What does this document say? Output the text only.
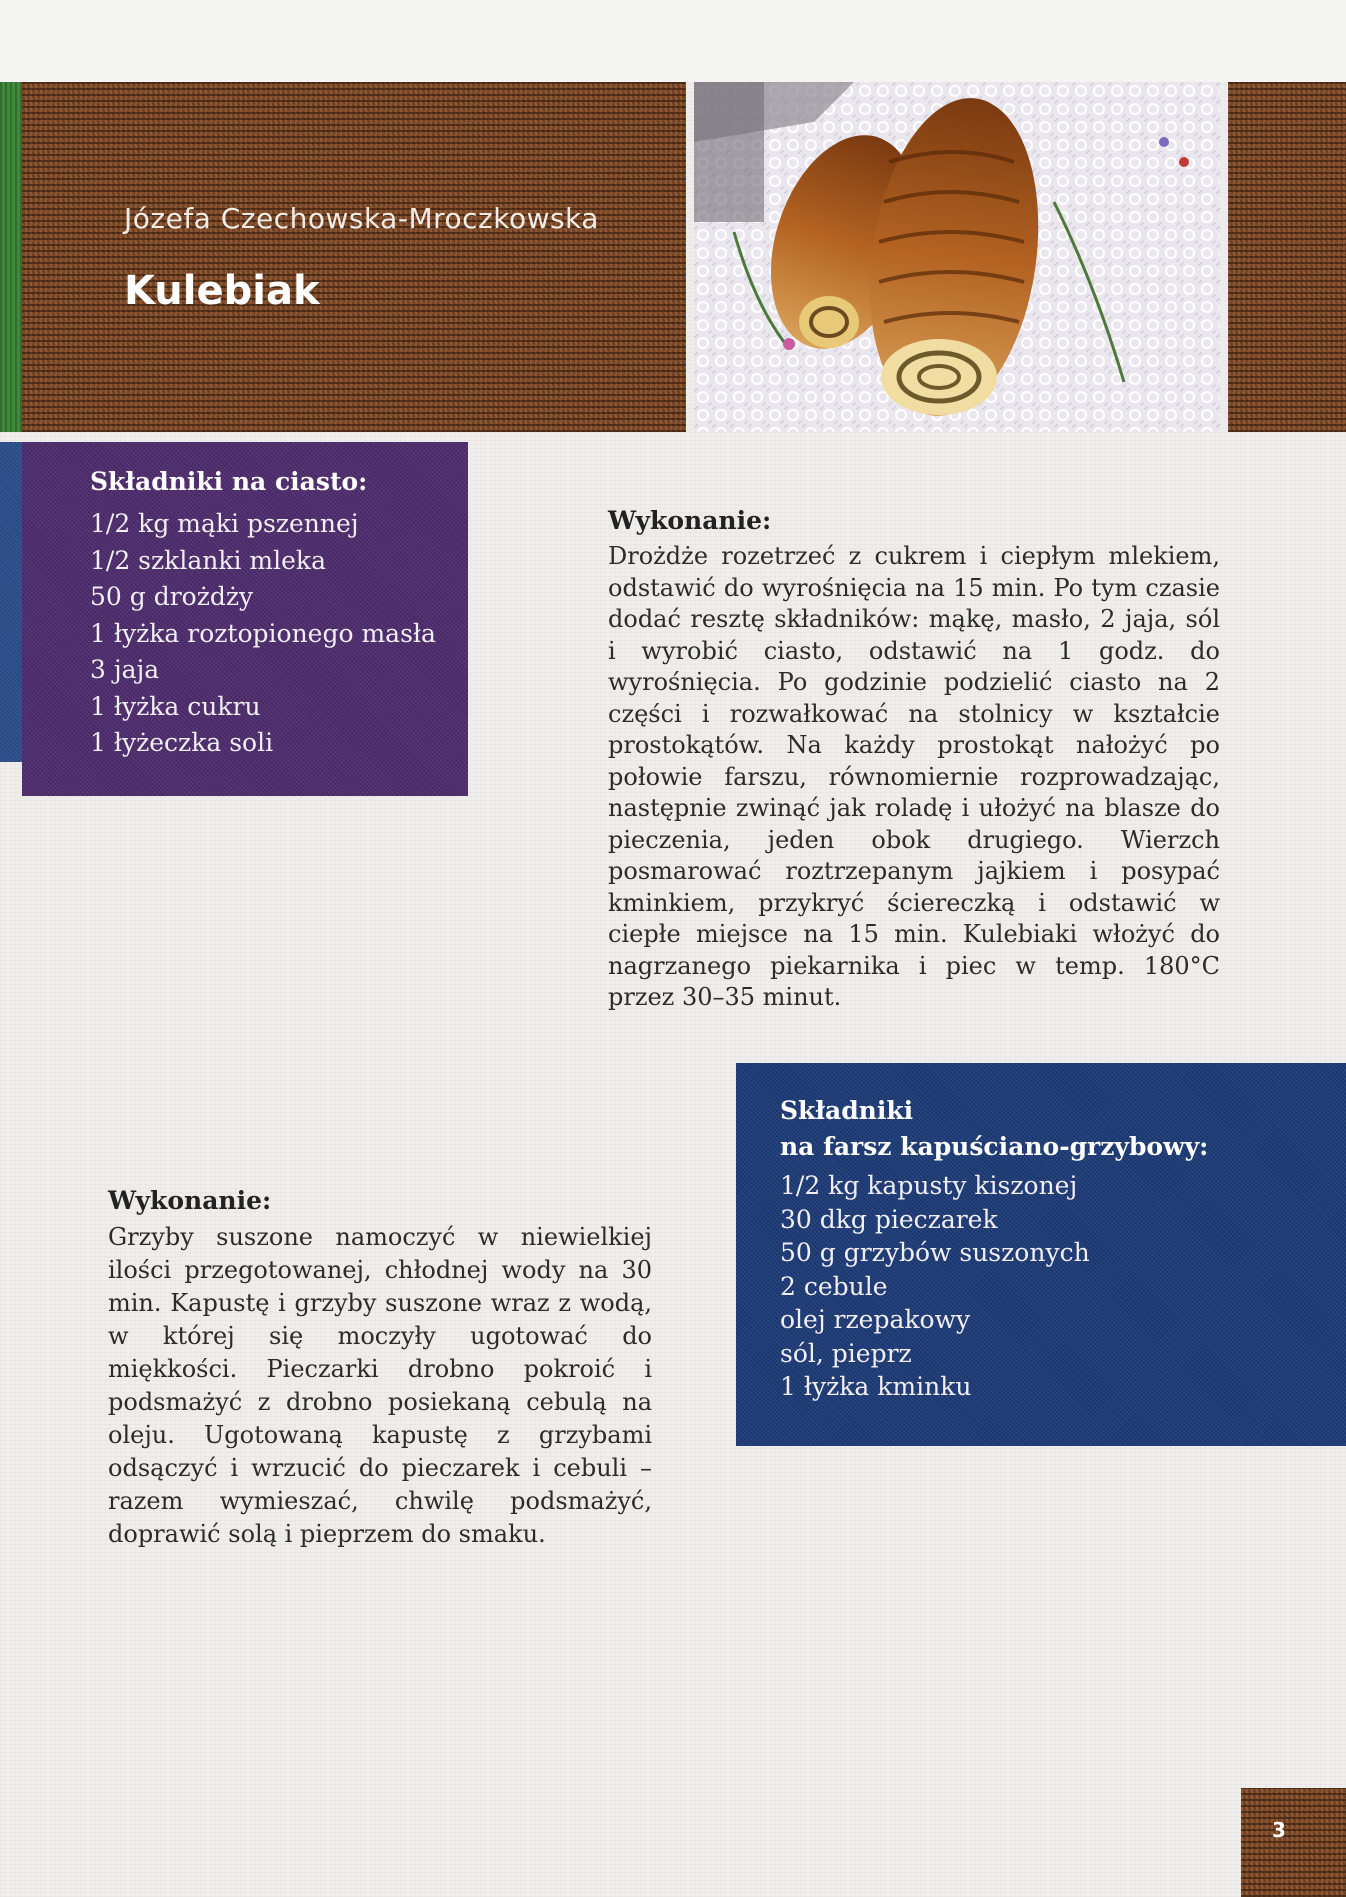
Józefa Czechowska-Mroczkowska
Kulebiak
Składniki na ciasto:
1/2 kg mąki pszennej
1/2 szklanki mleka
50 g drożdży
1 łyżka roztopionego masła
3 jaja
1 łyżka cukru
1 łyżeczka soli
Wykonanie:

Drożdże rozetrzeć z cukrem i ciepłym mlekiem, odstawić do wyrośnięcia na 15 min. Po tym czasie dodać resztę składników: mąkę, masło, 2 jaja, sól i wyrobić ciasto, odstawić na 1 godz. do wyrośnięcia. Po godzinie podzielić ciasto na 2 części i rozwałkować na stolnicy w kształcie prostokątów. Na każdy prostokąt nałożyć po połowie farszu, równomiernie rozprowadzając, następnie zwinąć jak roladę i ułożyć na blasze do pieczenia, jeden obok drugiego. Wierzch posmarować roztrzepanym jajkiem i posypać kminkiem, przykryć ściereczką i odstawić w ciepłe miejsce na 15 min. Kulebiaki włożyć do nagrzanego piekarnika i piec w temp. 180°C przez 30–35 minut.

Składniki
na farsz kapuściano-grzybowy:
1/2 kg kapusty kiszonej
30 dkg pieczarek
50 g grzybów suszonych
2 cebule
olej rzepakowy
sól, pieprz
1 łyżka kminku
Wykonanie:

Grzyby suszone namoczyć w niewielkiej ilości przegotowanej, chłodnej wody na 30 min. Kapustę i grzyby suszone wraz z wodą, w której się moczyły ugotować do miękkości. Pieczarki drobno pokroić i podsmażyć z drobno posiekaną cebulą na oleju. Ugotowaną kapustę z grzybami odsączyć i wrzucić do pieczarek i cebuli – razem wymieszać, chwilę podsmażyć, doprawić solą i pieprzem do smaku.

3
